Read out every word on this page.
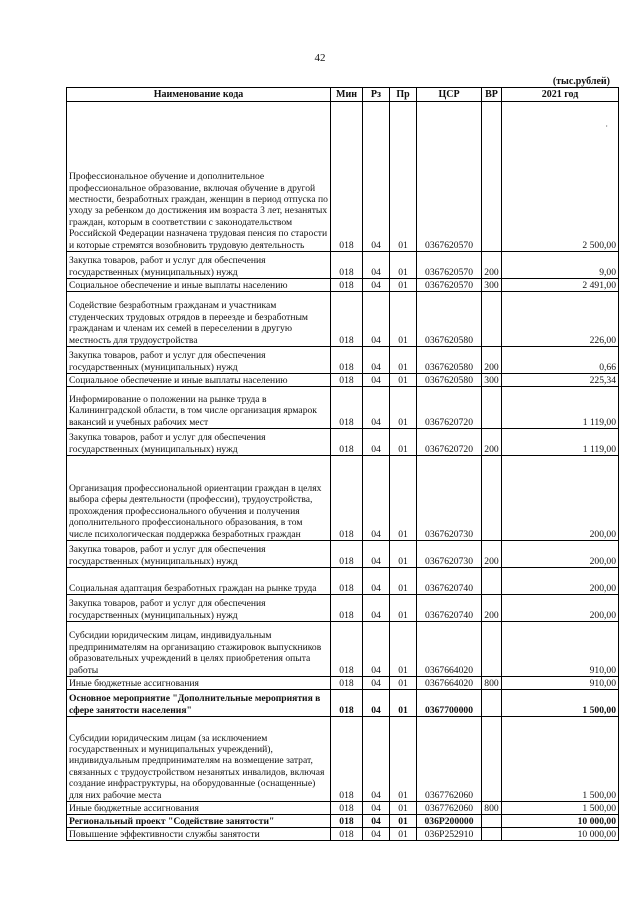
42
(тыс.рублей)
·
Наименование кода	Мин	Рз	Пр	ЦСР	ВР	2021 год
Профессиональное обучение и дополнительное профессиональное образование, включая обучение в другой местности, безработных граждан, женщин в период отпуска по уходу за ребенком до достижения им возраста 3 лет, незанятых граждан, которым в соответствии с законодательством Российской Федерации назначена трудовая пенсия по старости и которые стремятся возобновить трудовую деятельность	018	04	01	0367620570		2 500,00
Закупка товаров, работ и услуг для обеспечения государственных (муниципальных) нужд	018	04	01	0367620570	200	9,00
Социальное обеспечение и иные выплаты населению	018	04	01	0367620570	300	2 491,00
Содействие безработным гражданам и участникам студенческих трудовых отрядов в переезде и безработным гражданам и членам их семей в переселении в другую местность для трудоустройства	018	04	01	0367620580		226,00
Закупка товаров, работ и услуг для обеспечения государственных (муниципальных) нужд	018	04	01	0367620580	200	0,66
Социальное обеспечение и иные выплаты населению	018	04	01	0367620580	300	225,34
Информирование о положении на рынке труда в Калининградской области, в том числе организация ярмарок вакансий и учебных рабочих мест	018	04	01	0367620720		1 119,00
Закупка товаров, работ и услуг для обеспечения государственных (муниципальных) нужд	018	04	01	0367620720	200	1 119,00
Организация профессиональной ориентации граждан в целях выбора сферы деятельности (профессии), трудоустройства, прохождения профессионального обучения и получения дополнительного профессионального образования, в том числе психологическая поддержка безработных граждан	018	04	01	0367620730		200,00
Закупка товаров, работ и услуг для обеспечения государственных (муниципальных) нужд	018	04	01	0367620730	200	200,00
Социальная адаптация безработных граждан на рынке труда	018	04	01	0367620740		200,00
Закупка товаров, работ и услуг для обеспечения государственных (муниципальных) нужд	018	04	01	0367620740	200	200,00
Субсидии юридическим лицам, индивидуальным предпринимателям на организацию стажировок выпускников образовательных учреждений в целях приобретения опыта работы	018	04	01	0367664020		910,00
Иные бюджетные ассигнования	018	04	01	0367664020	800	910,00
Основное мероприятие "Дополнительные мероприятия в сфере занятости населения"	018	04	01	0367700000		1 500,00
Субсидии юридическим лицам (за исключением государственных и муниципальных учреждений), индивидуальным предпринимателям на возмещение затрат, связанных с трудоустройством незанятых инвалидов, включая создание инфраструктуры, на оборудованные (оснащенные) для них рабочие места	018	04	01	0367762060		1 500,00
Иные бюджетные ассигнования	018	04	01	0367762060	800	1 500,00
Региональный проект "Содействие занятости"	018	04	01	036P200000		10 000,00
Повышение эффективности службы занятости	018	04	01	036P252910		10 000,00
